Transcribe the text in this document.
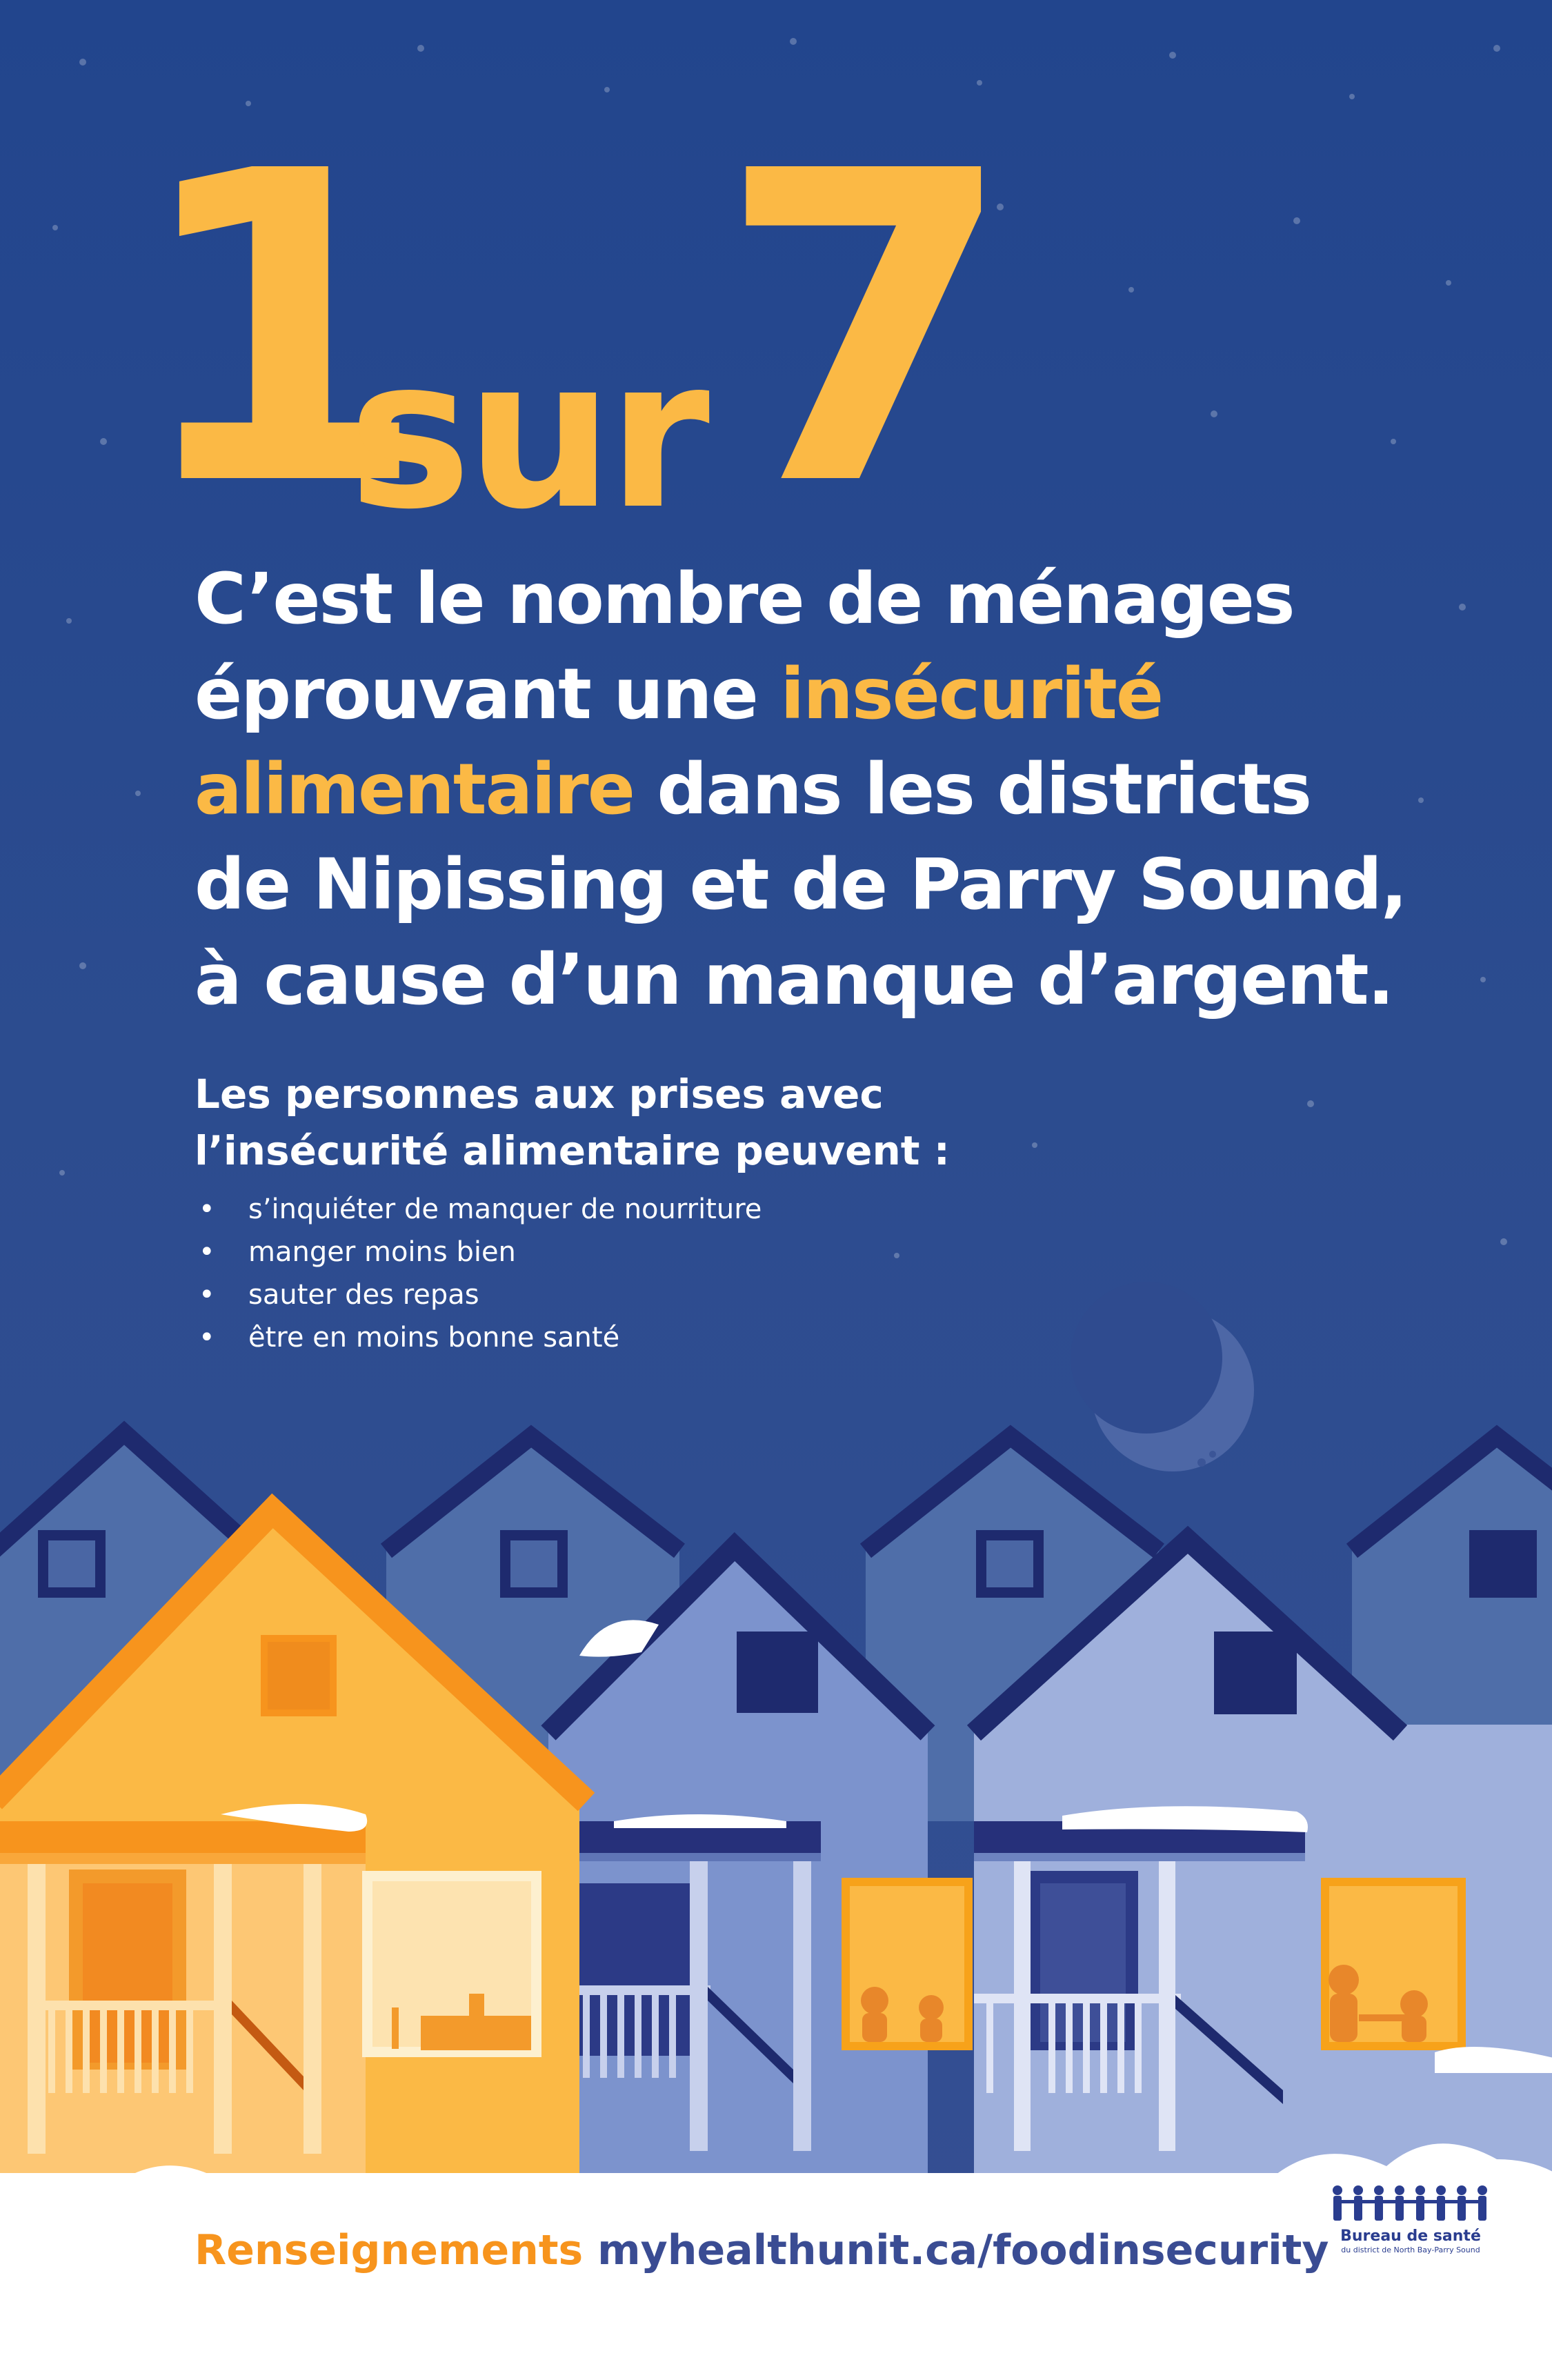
1
sur 7

C’est le nombre de ménages
éprouvant une insécurité
alimentaire dans les districts
de Nipissing et de Parry Sound,
à cause d’un manque d’argent.

Les personnes aux prises avec
l’insécurité alimentaire peuvent :

• s’inquiéter de manquer de nourriture
• manger moins bien
• sauter des repas
• être en moins bonne santé

Renseignements myhealthunit.ca/foodinsecurity Bureau de santé
du district de North Bay-Parry Sound
